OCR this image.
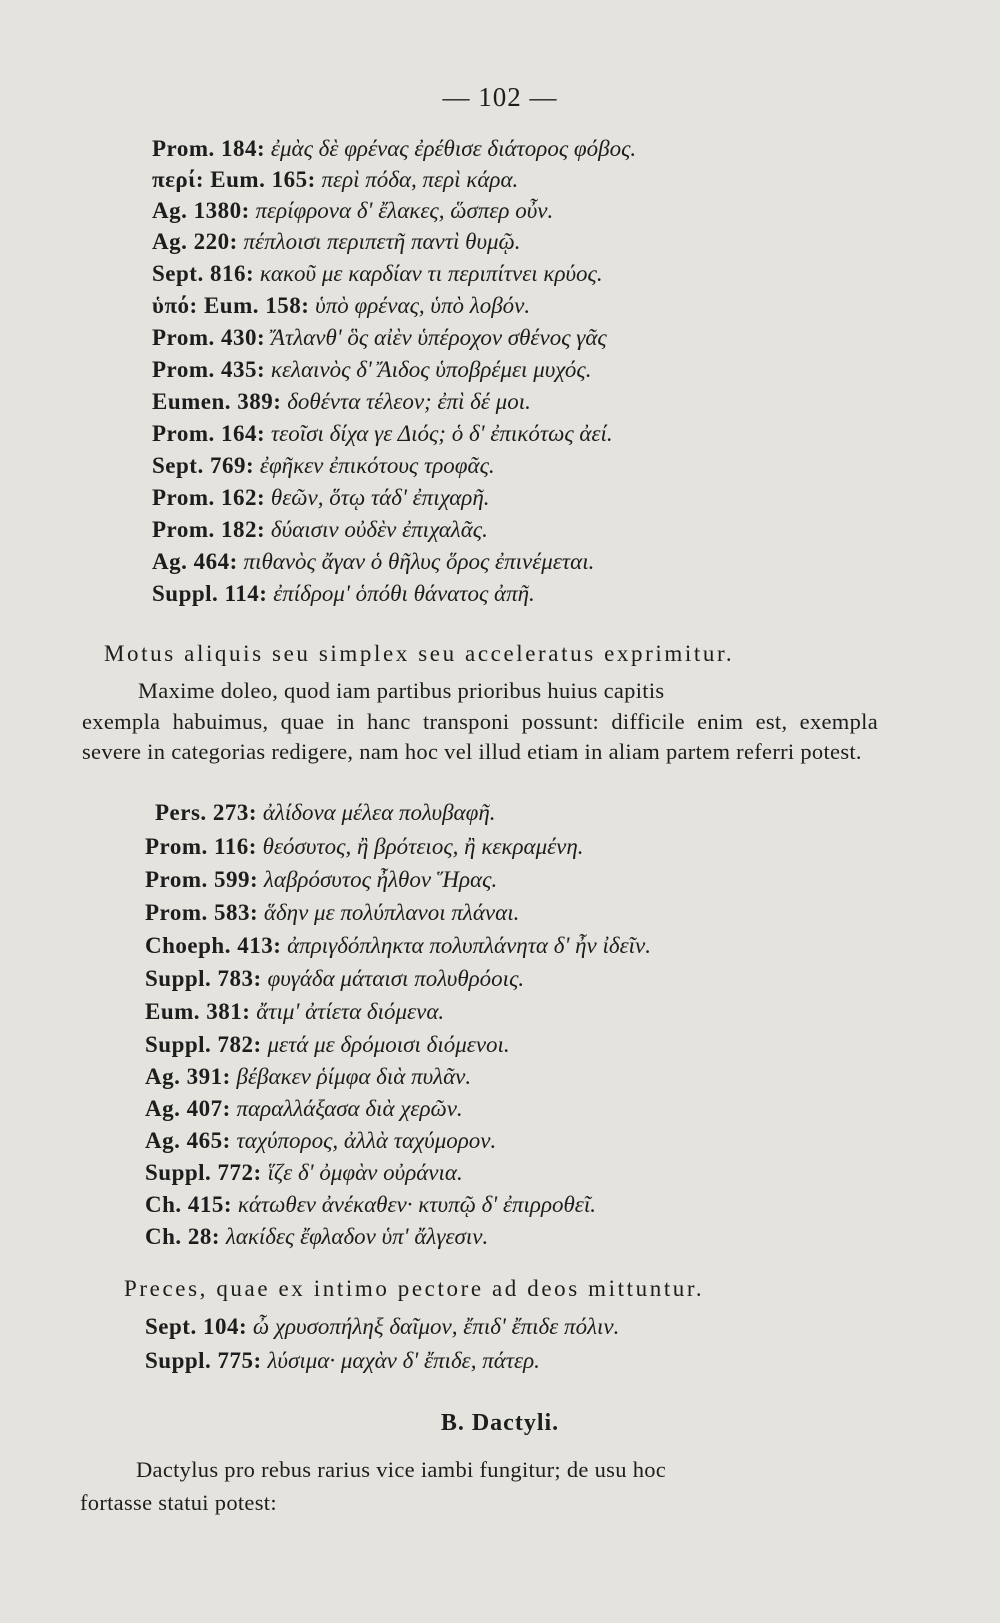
— 102 —
Prom. 184: ἐμὰς δὲ φρένας ἐρέθισε διάτορος φόβος.
περί: Eum. 165: περὶ πόδα, περὶ κάρα.
Ag. 1380: περίφρονα δ' ἔλακες, ὥσπερ οὖν.
Ag. 220: πέπλοισι περιπετῆ παντὶ θυμῷ.
Sept. 816: κακοῦ με καρδίαν τι περιπίτνει κρύος.
ὑπό: Eum. 158: ὑπὸ φρένας, ὑπὸ λοβόν.
Prom. 430: Ἄτλανθ' ὃς αἰὲν ὑπέροχον σθένος γᾶς
Prom. 435: κελαινὸς δ' Ἄιδος ὑποβρέμει μυχός.
Eumen. 389: δοθέντα τέλεον; ἐπὶ δέ μοι.
Prom. 164: τεοῖσι δίχα γε Διός; ὁ δ' ἐπικότως ἀεί.
Sept. 769: ἐφῆκεν ἐπικότους τροφᾶς.
Prom. 162: θεῶν, ὅτῳ τάδ' ἐπιχαρῆ.
Prom. 182: δύαισιν οὐδὲν ἐπιχαλᾶς.
Ag. 464: πιθανὸς ἄγαν ὁ θῆλυς ὅρος ἐπινέμεται.
Suppl. 114: ἐπίδρομ' ὁπόθι θάνατος ἀπῆ.
Motus aliquis seu simplex seu acceleratus exprimitur.
Maxime doleo, quod iam partibus prioribus huius capitis
exempla habuimus, quae in hanc transponi possunt: difficile enim est, exempla severe in categorias redigere, nam hoc vel illud etiam in aliam partem referri potest.
Pers. 273: ἀλίδονα μέλεα πολυβαφῆ.
Prom. 116: θεόσυτος, ἢ βρότειος, ἢ κεκραμένη.
Prom. 599: λαβρόσυτος ἦλθον Ἥρας.
Prom. 583: ἅδην με πολύπλανοι πλάναι.
Choeph. 413: ἀπριγδόπληκτα πολυπλάνητα δ' ἦν ἰδεῖν.
Suppl. 783: φυγάδα μάταισι πολυθρόοις.
Eum. 381: ἄτιμ' ἀτίετα διόμενα.
Suppl. 782: μετά με δρόμοισι διόμενοι.
Ag. 391: βέβακεν ῥίμφα διὰ πυλᾶν.
Ag. 407: παραλλάξασα διὰ χερῶν.
Ag. 465: ταχύπορος, ἀλλὰ ταχύμορον.
Suppl. 772: ἵζε δ' ὀμφὰν οὐράνια.
Ch. 415: κάτωθεν ἀνέκαθεν· κτυπῷ δ' ἐπιρροθεῖ.
Ch. 28: λακίδες ἔφλαδον ὑπ' ἄλγεσιν.
Preces, quae ex intimo pectore ad deos mittuntur.
Sept. 104: ὦ χρυσοπήληξ δαῖμον, ἔπιδ' ἔπιδε πόλιν.
Suppl. 775: λύσιμα· μαχὰν δ' ἔπιδε, πάτερ.
B. Dactyli.
Dactylus pro rebus rarius vice iambi fungitur; de usu hoc
fortasse statui potest:
